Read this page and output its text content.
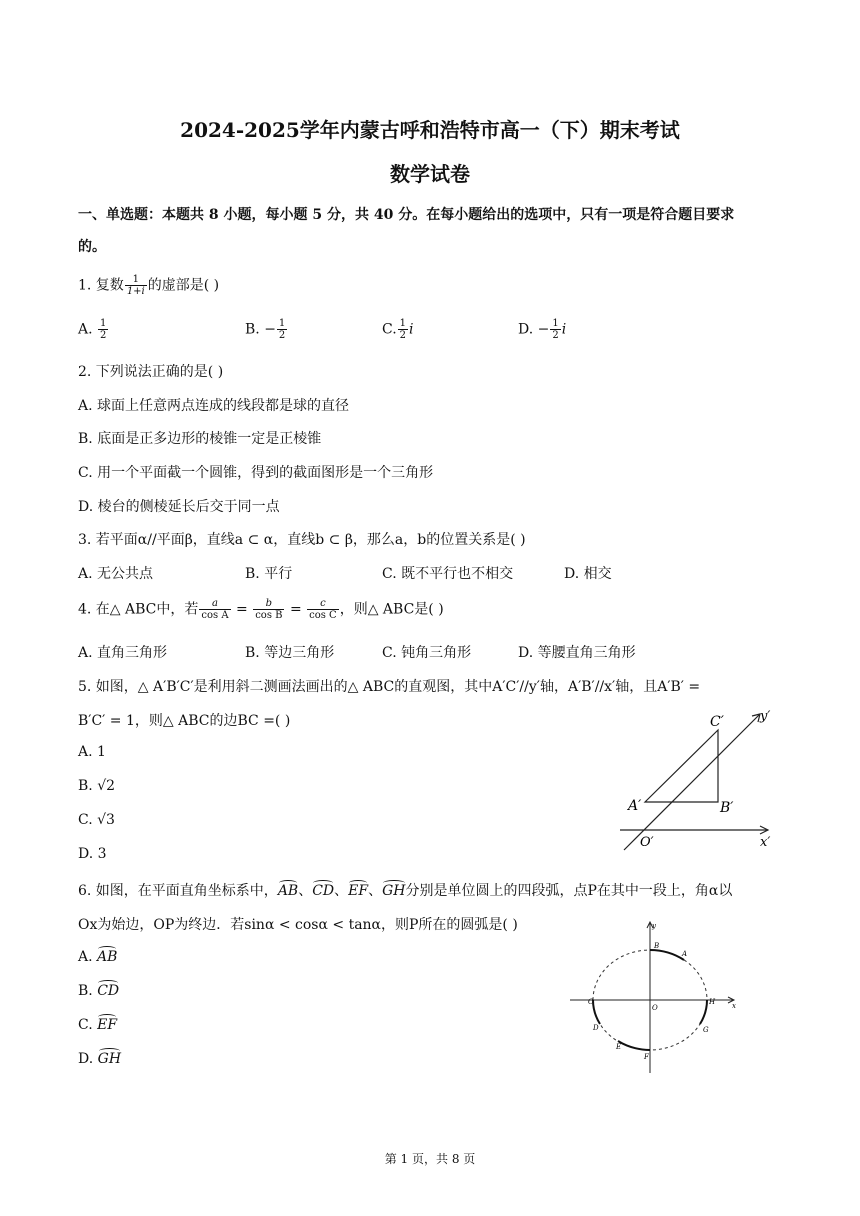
2024-2025学年内蒙古呼和浩特市高一（下）期末考试
数学试卷
一、单选题：本题共 8 小题，每小题 5 分，共 40 分。在每小题给出的选项中，只有一项是符合题目要求
的。
1. 复数 $\frac{1}{1+i}$ 的虚部是( )
A. $\frac{1}{2}$	B. − $\frac{1}{2}$	C. $\frac{1}{2}$ i	D. − $\frac{1}{2}$ i
2. 下列说法正确的是( )
A. 球面上任意两点连成的线段都是球的直径
B. 底面是正多边形的棱锥一定是正棱锥
C. 用一个平面截一个圆锥，得到的截面图形是一个三角形
D. 棱台的侧棱延长后交于同一点
3. 若平面α//平面β，直线a ⊂ α，直线b ⊂ β，那么a，b的位置关系是( )
A. 无公共点	B. 平行	C. 既不平行也不相交	D. 相交
4. 在△ ABC中，若 $\frac{a}{\text{cos A}} = \frac{b}{\text{cos B}} = \frac{c}{\text{cos C}}$ ，则△ ABC是( )
A. 直角三角形	B. 等边三角形	C. 钝角三角形	D. 等腰直角三角形
5. 如图，△ A′B′C′是利用斜二测画法画出的△ ABC的直观图，其中A′C′//y′轴，A′B′//x′轴，且A′B′ =
B′C′ = 1，则△ ABC的边BC =( )
A. 1
B. √2
C. √3
D. 3
C′	y′
A′	B′
O′	x′
6. 如图，在平面直角坐标系中，AB、CD、EF、GH分别是单位圆上的四段弧，点P在其中一段上，角α以
Ox为始边，OP为终边．若sinα < cosα < tanα，则P所在的圆弧是( )
A. AB
B. CD
C. EF
D. GH
y
x
O
B
A
C
D
E
F
G
H
第 1 页，共 8 页
